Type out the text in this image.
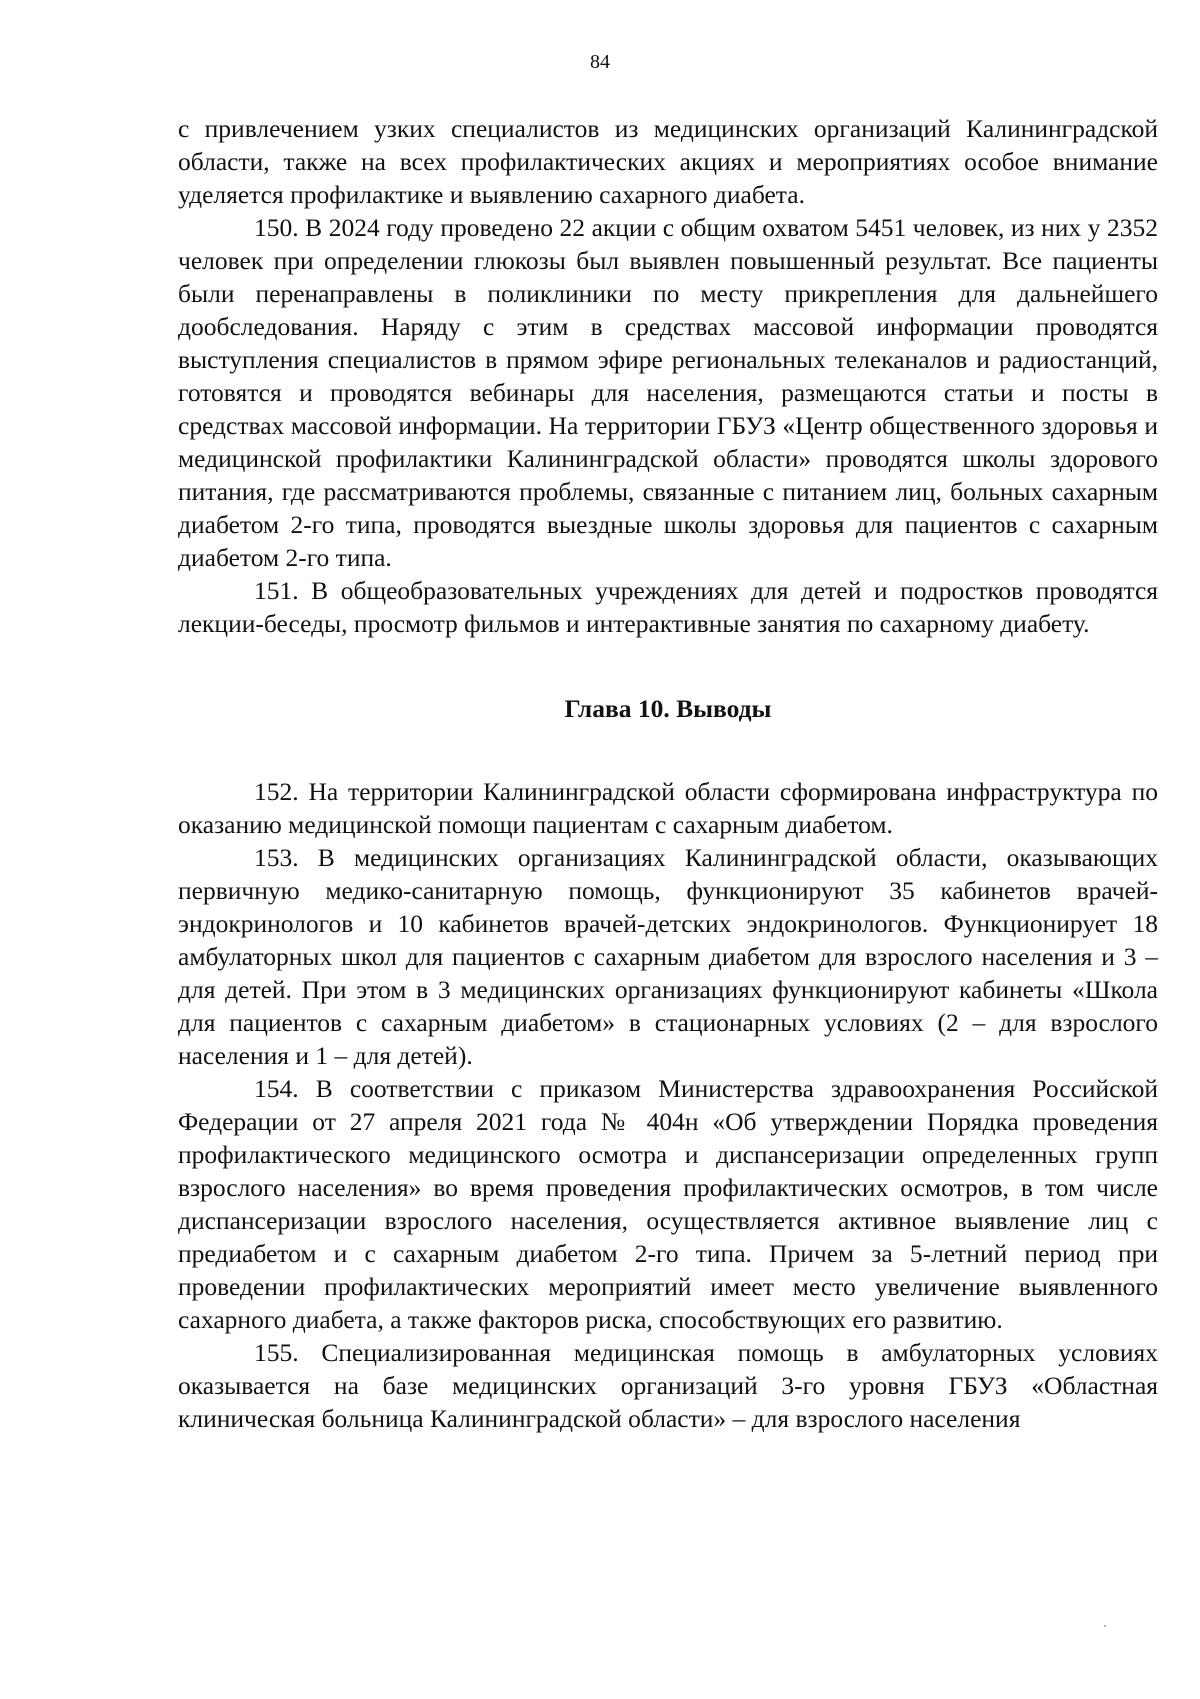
84

с привлечением узких специалистов из медицинских организаций Калининградской области, также на всех профилактических акциях и мероприятиях особое внимание уделяется профилактике и выявлению сахарного диабета.

150. В 2024 году проведено 22 акции с общим охватом 5451 человек, из них у 2352 человек при определении глюкозы был выявлен повышенный результат. Все пациенты были перенаправлены в поликлиники по месту прикрепления для дальнейшего дообследования. Наряду с этим в средствах массовой информации проводятся выступления специалистов в прямом эфире региональных телеканалов и радиостанций, готовятся и проводятся вебинары для населения, размещаются статьи и посты в средствах массовой информации. На территории ГБУЗ «Центр общественного здоровья и медицинской профилактики Калининградской области» проводятся школы здорового питания, где рассматриваются проблемы, связанные с питанием лиц, больных сахарным диабетом 2-го типа, проводятся выездные школы здоровья для пациентов с сахарным диабетом 2-го типа.

151. В общеобразовательных учреждениях для детей и подростков проводятся лекции-беседы, просмотр фильмов и интерактивные занятия по сахарному диабету.

Глава 10. Выводы

152. На территории Калининградской области сформирована инфраструктура по оказанию медицинской помощи пациентам с сахарным диабетом.

153. В медицинских организациях Калининградской области, оказывающих первичную медико-санитарную помощь, функционируют 35 кабинетов врачей-эндокринологов и 10 кабинетов врачей-детских эндокринологов. Функционирует 18 амбулаторных школ для пациентов с сахарным диабетом для взрослого населения и 3 – для детей. При этом в 3 медицинских организациях функционируют кабинеты «Школа для пациентов с сахарным диабетом» в стационарных условиях (2 – для взрослого населения и 1 – для детей).

154. В соответствии с приказом Министерства здравоохранения Российской Федерации от 27 апреля 2021 года № 404н «Об утверждении Порядка проведения профилактического медицинского осмотра и диспансеризации определенных групп взрослого населения» во время проведения профилактических осмотров, в том числе диспансеризации взрослого населения, осуществляется активное выявление лиц с предиабетом и с сахарным диабетом 2-го типа. Причем за 5-летний период при проведении профилактических мероприятий имеет место увеличение выявленного сахарного диабета, а также факторов риска, способствующих его развитию.

155. Специализированная медицинская помощь в амбулаторных условиях оказывается на базе медицинских организаций 3-го уровня ГБУЗ «Областная клиническая больница Калининградской области» – для взрослого населения
